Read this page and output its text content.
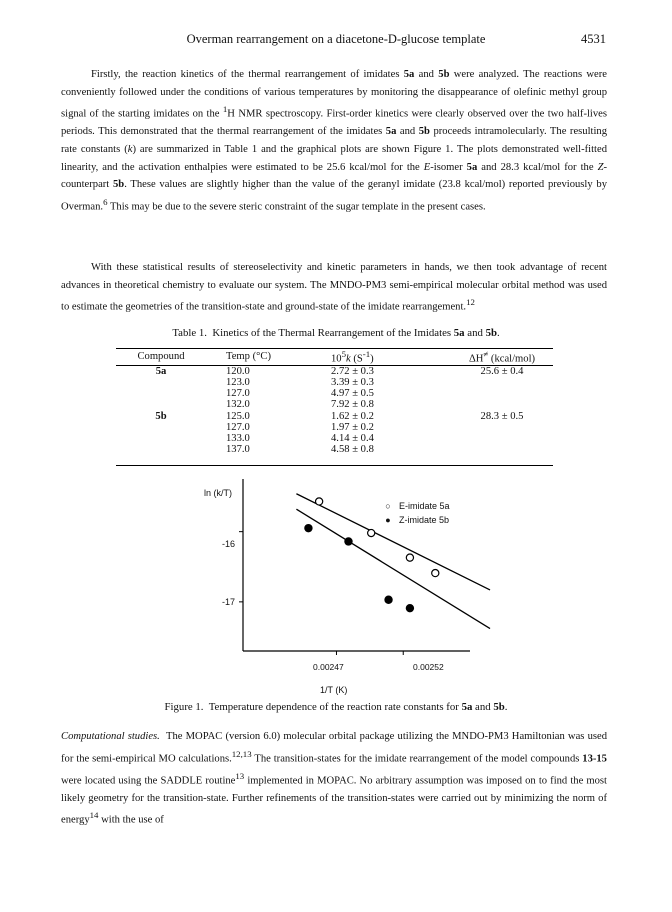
Overman rearrangement on a diacetone-D-glucose template	4531

Firstly, the reaction kinetics of the thermal rearrangement of imidates 5a and 5b were analyzed. The reactions were conveniently followed under the conditions of various temperatures by monitoring the disappearance of olefinic methyl group signal of the starting imidates on the $^1$H NMR spectroscopy. First-order kinetics were clearly observed over the two half-lives periods. This demonstrated that the thermal rearrangement of the imidates 5a and 5b proceeds intramolecularly. The resulting rate constants (k) are summarized in Table 1 and the graphical plots are shown Figure 1. The plots demonstrated well-fitted linearity, and the activation enthalpies were estimated to be 25.6 kcal/mol for the E-isomer 5a and 28.3 kcal/mol for the Z-counterpart 5b. These values are slightly higher than the value of the geranyl imidate (23.8 kcal/mol) reported previously by Overman.$^6$ This may be due to the severe steric constraint of the sugar template in the present cases.

With these statistical results of stereoselectivity and kinetic parameters in hands, we then took advantage of recent advances in theoretical chemistry to evaluate our system. The MNDO-PM3 semi-empirical molecular orbital method was used to estimate the geometries of the transition-state and ground-state of the imidate rearrangement.$^{12}$

Table 1.  Kinetics of the Thermal Rearrangement of the Imidates 5a and 5b.
Compound	Temp (°C)	$10^5k$ $(S^{-1})$	ΔH≠ (kcal/mol)
5a	120.0	2.72 ± 0.3	25.6 ± 0.4
	123.0	3.39 ± 0.3	
	127.0	4.97 ± 0.5	
	132.0	7.92 ± 0.8	
5b	125.0	1.62 ± 0.2	28.3 ± 0.5
	127.0	1.97 ± 0.2	
	133.0	4.14 ± 0.4	
	137.0	4.58 ± 0.8	
ln (k/T)
-16
-17
0.00247	0.00252
1/T (K)
○ E-imidate 5a
● Z-imidate 5b
Figure 1.  Temperature dependence of the reaction rate constants for 5a and 5b.

Computational studies.  The MOPAC (version 6.0) molecular orbital package utilizing the MNDO-PM3 Hamiltonian was used for the semi-empirical MO calculations.$^{12,13}$ The transition-states for the imidate rearrangement of the model compounds 13-15 were located using the SADDLE routine$^{13}$ implemented in MOPAC. No arbitrary assumption was imposed on to find the most likely geometry for the transition-state. Further refinements of the transition-states were carried out by minimizing the norm of energy$^{14}$ with the use of
